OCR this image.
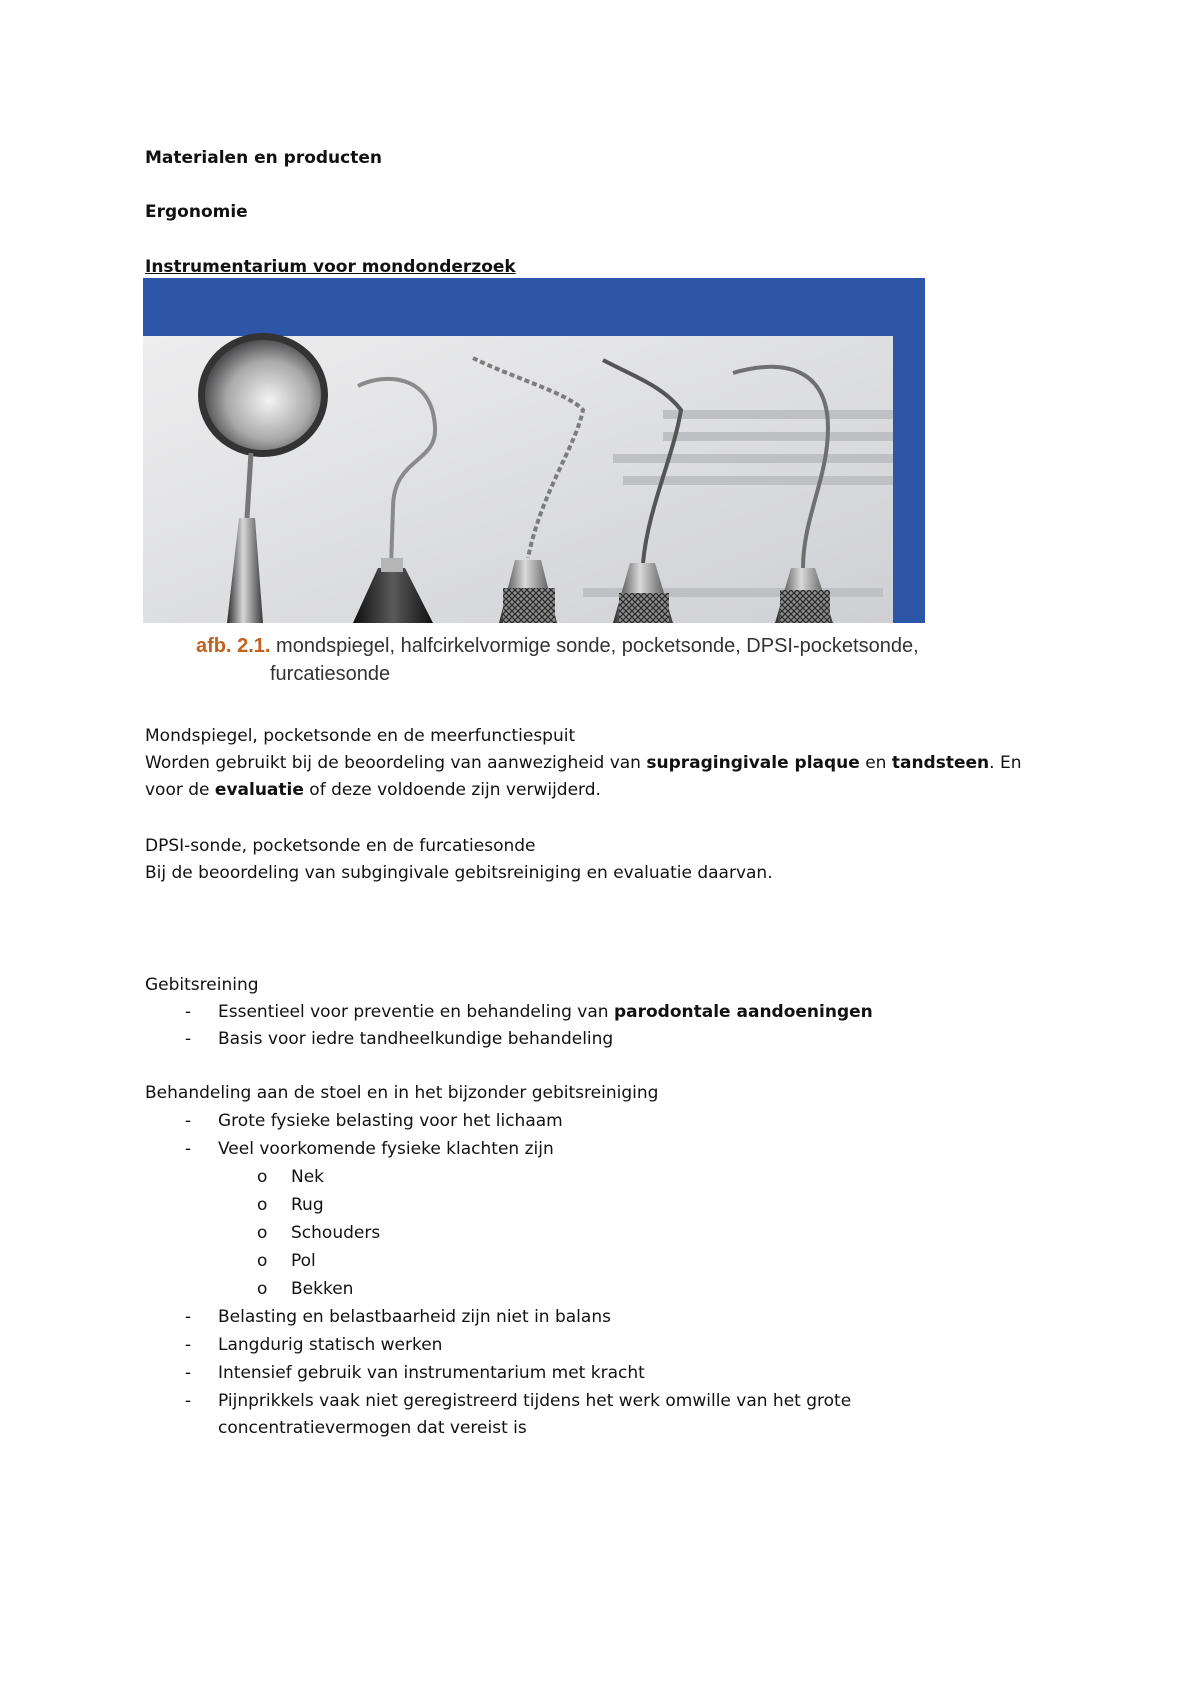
Materialen en producten
Ergonomie
Instrumentarium voor mondonderzoek
afb. 2.1. mondspiegel, halfcirkelvormige sonde, pocketsonde, DPSI-pocketsonde,
furcatiesonde
Mondspiegel, pocketsonde en de meerfunctiespuit
Worden gebruikt bij de beoordeling van aanwezigheid van supragingivale plaque en tandsteen. En
voor de evaluatie of deze voldoende zijn verwijderd.
DPSI-sonde, pocketsonde en de furcatiesonde
Bij de beoordeling van subgingivale gebitsreiniging en evaluatie daarvan.
Gebitsreining
- Essentieel voor preventie en behandeling van parodontale aandoeningen
- Basis voor iedre tandheelkundige behandeling
Behandeling aan de stoel en in het bijzonder gebitsreiniging
- Grote fysieke belasting voor het lichaam
- Veel voorkomende fysieke klachten zijn
o Nek
o Rug
o Schouders
o Pol
o Bekken
- Belasting en belastbaarheid zijn niet in balans
- Langdurig statisch werken
- Intensief gebruik van instrumentarium met kracht
- Pijnprikkels vaak niet geregistreerd tijdens het werk omwille van het grote
concentratievermogen dat vereist is
